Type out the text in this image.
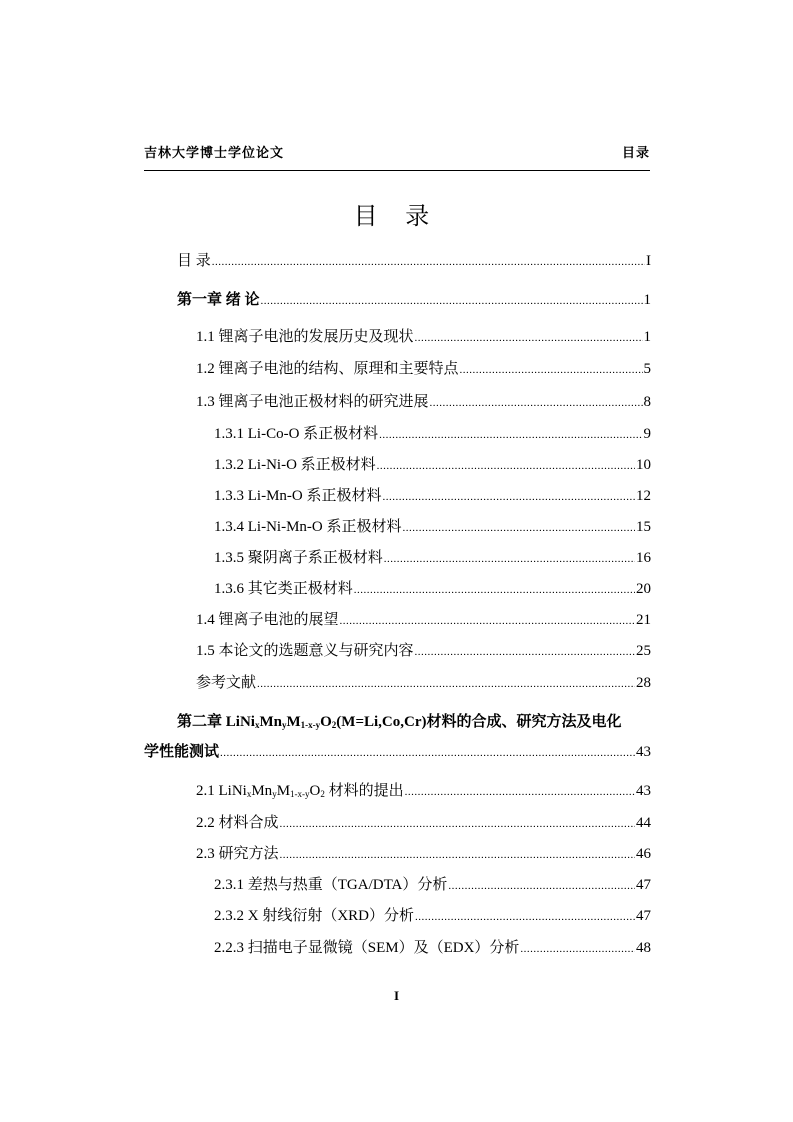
吉林大学博士学位论文	目录
目 录
目 录 .....	I
第一章 绪 论 .....	1
1.1 锂离子电池的发展历史及现状 .....	1
1.2 锂离子电池的结构、原理和主要特点 .....	5
1.3 锂离子电池正极材料的研究进展 .....	8
1.3.1 Li-Co-O 系正极材料 .....	9
1.3.2 Li-Ni-O 系正极材料 .....	10
1.3.3 Li-Mn-O 系正极材料 .....	12
1.3.4 Li-Ni-Mn-O 系正极材料 .....	15
1.3.5 聚阴离子系正极材料 .....	16
1.3.6 其它类正极材料 .....	20
1.4 锂离子电池的展望 .....	21
1.5 本论文的选题意义与研究内容 .....	25
参考文献 .....	28
第二章 $LiNi_xMn_yM_{1-x-y}O_2(M=Li,Co,Cr)$材料的合成、研究方法及电化
学性能测试 .....	43
2.1 $LiNi_xMn_yM_{1-x-y}O_2$ 材料的提出 .....	43
2.2 材料合成 .....	44
2.3 研究方法 .....	46
2.3.1 差热与热重（TGA/DTA）分析 .....	47
2.3.2 X 射线衍射（XRD）分析 .....	47
2.2.3 扫描电子显微镜（SEM）及（EDX）分析 .....	48
I
